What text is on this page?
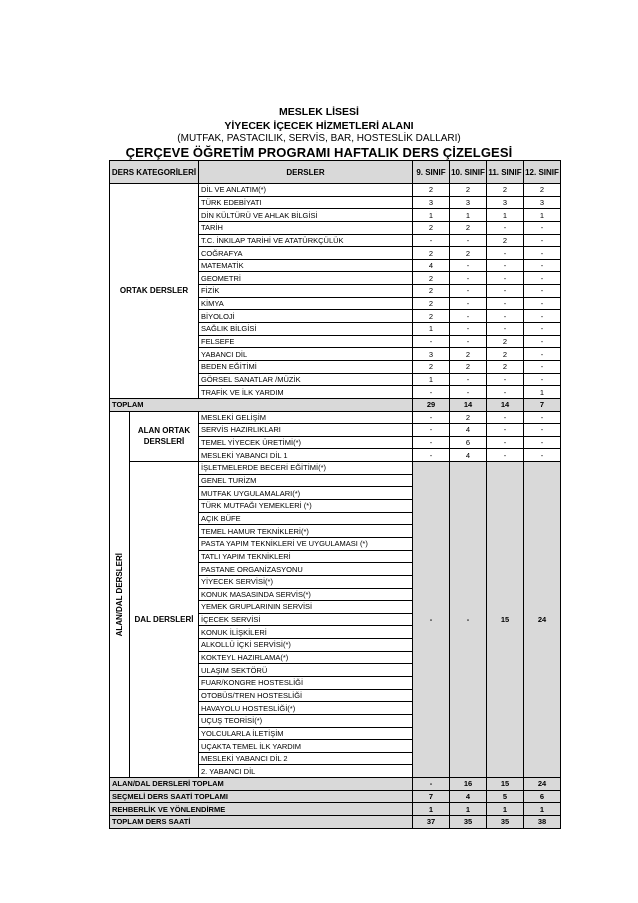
MESLEK LİSESİ
YİYECEK İÇECEK HİZMETLERİ ALANI
(MUTFAK, PASTACILIK, SERVİS, BAR, HOSTESLİK DALLARI)
ÇERÇEVE ÖĞRETİM PROGRAMI HAFTALIK DERS ÇİZELGESİ
DERS KATEGORİLERİ		DERSLER	9. SINIF	10. SINIF	11. SINIF	12. SINIF
ORTAK DERSLER		DİL VE ANLATIM(*)	2	2	2	2
		TÜRK EDEBİYATI	3	3	3	3
		DİN KÜLTÜRÜ VE AHLAK BİLGİSİ	1	1	1	1
		TARİH	2	2	-	-
		T.C. İNKILAP TARİHİ VE ATATÜRKÇÜLÜK	-	-	2	-
		COĞRAFYA	2	2	-	-
		MATEMATİK	4	-	-	-
		GEOMETRİ	2	-	-	-
		FİZİK	2	-	-	-
		KİMYA	2	-	-	-
		BİYOLOJİ	2	-	-	-
		SAĞLIK BİLGİSİ	1	-	-	-
		FELSEFE	-	-	2	-
		YABANCI DİL	3	2	2	-
		BEDEN EĞİTİMİ	2	2	2	-
		GÖRSEL SANATLAR /MÜZİK	1	-	-	-
		TRAFİK VE İLK YARDIM	-	-	-	1
TOPLAM			29	14	14	7

ALAN/DAL DERSLERİ	ALAN ORTAK DERSLERİ	MESLEKİ GELİŞİM	-	2	-	-
		SERVİS HAZIRLIKLARI	-	4	-	-
		TEMEL YİYECEK ÜRETİMİ(*)	-	6	-	-
		MESLEKİ YABANCI DİL 1	-	4	-	-
	DAL DERSLERİ	İŞLETMELERDE BECERİ EĞİTİMİ(*)	-	-	15	24
		GENEL TURİZM				
		MUTFAK UYGULAMALARI(*)				
		TÜRK MUTFAĞI YEMEKLERİ (*)				
		AÇIK BÜFE				
		TEMEL HAMUR TEKNİKLERİ(*)				
		PASTA YAPIM TEKNİKLERİ VE UYGULAMASI (*)				
		TATLI YAPIM TEKNİKLERİ				
		PASTANE ORGANİZASYONU				
		YİYECEK SERVİSİ(*)				
		KONUK MASASINDA SERVİS(*)				
		YEMEK GRUPLARININ SERVİSİ				
		İÇECEK SERVİSİ				
		KONUK İLİŞKİLERİ				
		ALKOLLÜ İÇKİ SERVİSİ(*)				
		KOKTEYL HAZIRLAMA(*)				
		ULAŞIM SEKTÖRÜ				
		FUAR/KONGRE HOSTESLİĞİ				
		OTOBÜS/TREN HOSTESLİĞİ				
		HAVAYOLU HOSTESLİĞİ(*)				
		UÇUŞ TEORİSİ(*)				
		YOLCULARLA İLETİŞİM				
		UÇAKTA TEMEL İLK YARDIM				
		MESLEKİ YABANCI DİL 2				
		2. YABANCI DİL				
ALAN/DAL DERSLERİ TOPLAM			-	16	15	24
SEÇMELİ DERS SAATİ TOPLAMI			7	4	5	6
REHBERLİK VE YÖNLENDİRME			1	1	1	1
TOPLAM DERS SAATİ			37	35	35	38
